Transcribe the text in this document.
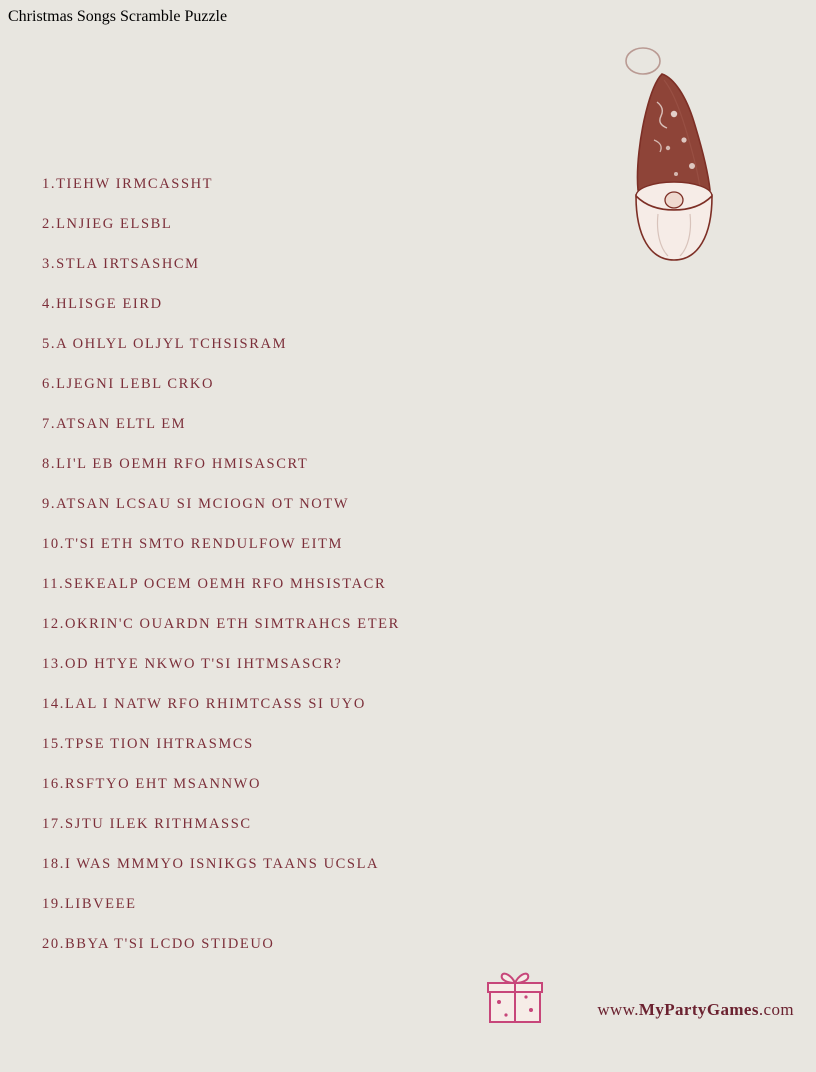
Christmas Songs Scramble Puzzle
1.TIEHW IRMCASSHT
2.LNJIEG ELSBL
3.STLA IRTSASHCM
4.HLISGE EIRD
5.A OHLYL OLJYL TCHSISRAM
6.LJEGNI LEBL CRKO
7.ATSAN ELTL EM
8.LI'L EB OEMH RFO HMISASCRT
9.ATSAN LCSAU SI MCIOGN OT NOTW
10.T'SI ETH SMTO RENDULFOW EITM
11.SEKEALP OCEM OEMH RFO MHSISTACR
12.OKRIN'C OUARDN ETH SIMTRAHCS ETER
13.OD HTYE NKWO T'SI IHTMSASCR?
14.LAL I NATW RFO RHIMTCASS SI UYO
15.TPSE TION IHTRASMCS
16.RSFTYO EHT MSANNWO
17.SJTU ILEK RITHMASSC
18.I WAS MMMYO ISNIKGS TAANS UCSLA
19.LIBVEEE
20.BBYA T'SI LCDO STIDEUO
www.MyPartyGames.com
